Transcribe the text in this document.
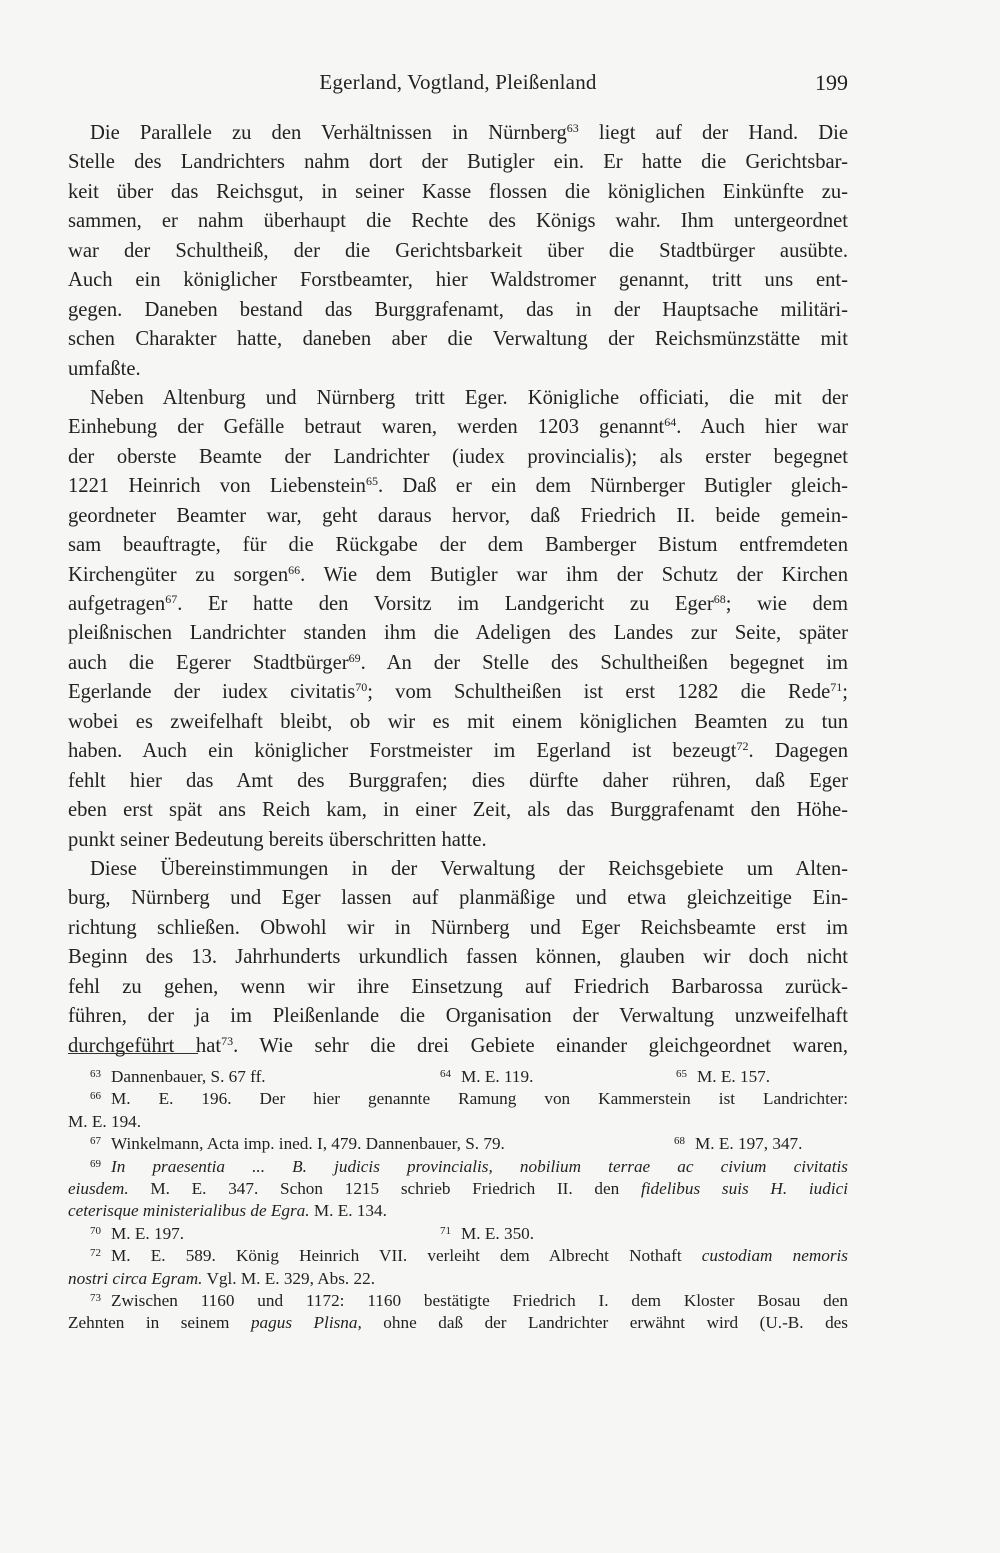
Egerland, Vogtland, Pleißenland	199
Die Parallele zu den Verhältnissen in Nürnberg$^{63}$ liegt auf der Hand. Die
Stelle des Landrichters nahm dort der Butigler ein. Er hatte die Gerichtsbar-
keit über das Reichsgut, in seiner Kasse flossen die königlichen Einkünfte zu-
sammen, er nahm überhaupt die Rechte des Königs wahr. Ihm untergeordnet
war der Schultheiß, der die Gerichtsbarkeit über die Stadtbürger ausübte.
Auch ein königlicher Forstbeamter, hier Waldstromer genannt, tritt uns ent-
gegen. Daneben bestand das Burggrafenamt, das in der Hauptsache militäri-
schen Charakter hatte, daneben aber die Verwaltung der Reichsmünzstätte mit
umfaßte.
Neben Altenburg und Nürnberg tritt Eger. Königliche officiati, die mit der
Einhebung der Gefälle betraut waren, werden 1203 genannt$^{64}$. Auch hier war
der oberste Beamte der Landrichter (iudex provincialis); als erster begegnet
1221 Heinrich von Liebenstein$^{65}$. Daß er ein dem Nürnberger Butigler gleich-
geordneter Beamter war, geht daraus hervor, daß Friedrich II. beide gemein-
sam beauftragte, für die Rückgabe der dem Bamberger Bistum entfremdeten
Kirchengüter zu sorgen$^{66}$. Wie dem Butigler war ihm der Schutz der Kirchen
aufgetragen$^{67}$. Er hatte den Vorsitz im Landgericht zu Eger$^{68}$; wie dem
pleißnischen Landrichter standen ihm die Adeligen des Landes zur Seite, später
auch die Egerer Stadtbürger$^{69}$. An der Stelle des Schultheißen begegnet im
Egerlande der iudex civitatis$^{70}$; vom Schultheißen ist erst 1282 die Rede$^{71}$;
wobei es zweifelhaft bleibt, ob wir es mit einem königlichen Beamten zu tun
haben. Auch ein königlicher Forstmeister im Egerland ist bezeugt$^{72}$. Dagegen
fehlt hier das Amt des Burggrafen; dies dürfte daher rühren, daß Eger
eben erst spät ans Reich kam, in einer Zeit, als das Burggrafenamt den Höhe-
punkt seiner Bedeutung bereits überschritten hatte.
Diese Übereinstimmungen in der Verwaltung der Reichsgebiete um Alten-
burg, Nürnberg und Eger lassen auf planmäßige und etwa gleichzeitige Ein-
richtung schließen. Obwohl wir in Nürnberg und Eger Reichsbeamte erst im
Beginn des 13. Jahrhunderts urkundlich fassen können, glauben wir doch nicht
fehl zu gehen, wenn wir ihre Einsetzung auf Friedrich Barbarossa zurück-
führen, der ja im Pleißenlande die Organisation der Verwaltung unzweifelhaft
durchgeführt hat$^{73}$. Wie sehr die drei Gebiete einander gleichgeordnet waren,
$^{63}$ Dannenbauer, S. 67 ff.	$^{64}$ M. E. 119.	$^{65}$ M. E. 157.
$^{66}$ M. E. 196. Der hier genannte Ramung von Kammerstein ist Landrichter:
M. E. 194.
$^{67}$ Winkelmann, Acta imp. ined. I, 479. Dannenbauer, S. 79.	$^{68}$ M. E. 197, 347.
$^{69}$ In praesentia ... B. judicis provincialis, nobilium terrae ac civium civitatis
eiusdem. M. E. 347. Schon 1215 schrieb Friedrich II. den fidelibus suis H. iudici
ceterisque ministerialibus de Egra. M. E. 134.
$^{70}$ M. E. 197.	$^{71}$ M. E. 350.
$^{72}$ M. E. 589. König Heinrich VII. verleiht dem Albrecht Nothaft custodiam nemoris
nostri circa Egram. Vgl. M. E. 329, Abs. 22.
$^{73}$ Zwischen 1160 und 1172: 1160 bestätigte Friedrich I. dem Kloster Bosau den
Zehnten in seinem pagus Plisna, ohne daß der Landrichter erwähnt wird (U.-B. des
